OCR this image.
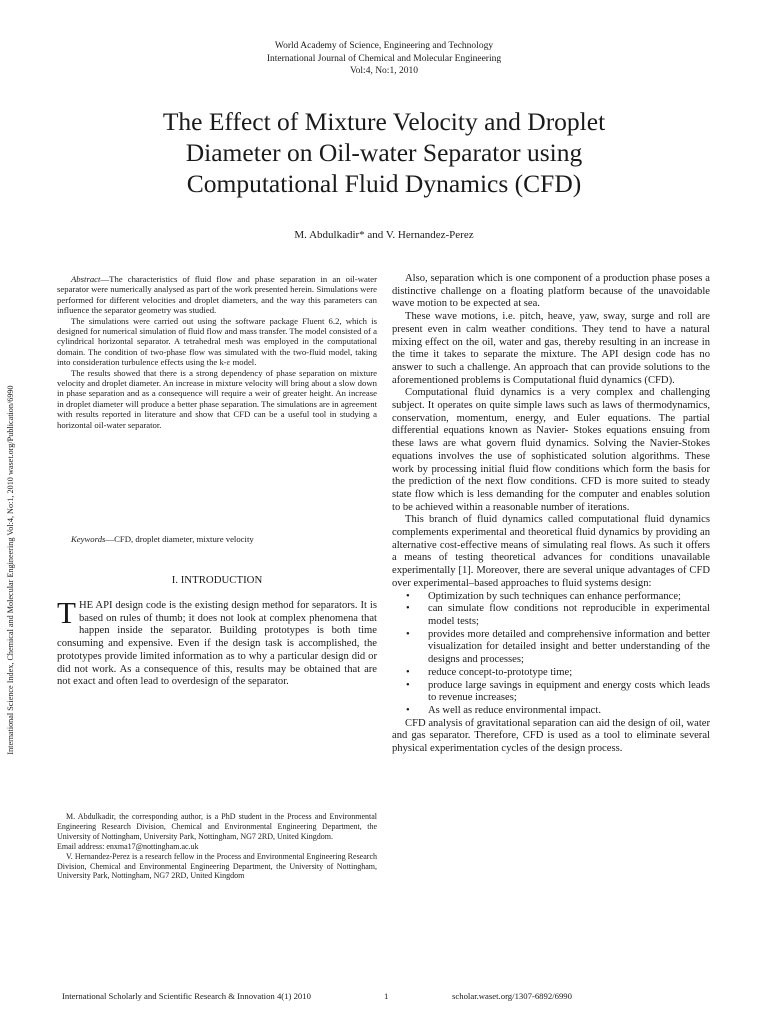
World Academy of Science, Engineering and Technology
International Journal of Chemical and Molecular Engineering
Vol:4, No:1, 2010
The Effect of Mixture Velocity and Droplet
Diameter on Oil-water Separator using
Computational Fluid Dynamics (CFD)
M. Abdulkadir* and V. Hernandez-Perez
International Science Index, Chemical and Molecular Engineering Vol:4, No:1, 2010 waset.org/Publication/6990

Abstract—The characteristics of fluid flow and phase separation in an oil-water separator were numerically analysed as part of the work presented herein. Simulations were performed for different velocities and droplet diameters, and the way this parameters can influence the separator geometry was studied.

The simulations were carried out using the software package Fluent 6.2, which is designed for numerical simulation of fluid flow and mass transfer. The model consisted of a cylindrical horizontal separator. A tetrahedral mesh was employed in the computational domain. The condition of two-phase flow was simulated with the two-fluid model, taking into consideration turbulence effects using the k-ε model.

The results showed that there is a strong dependency of phase separation on mixture velocity and droplet diameter. An increase in mixture velocity will bring about a slow down in phase separation and as a consequence will require a weir of greater height. An increase in droplet diameter will produce a better phase separation. The simulations are in agreement with results reported in literature and show that CFD can be a useful tool in studying a horizontal oil-water separator.

Keywords—CFD, droplet diameter, mixture velocity

I. INTRODUCTION
THE API design code is the existing design method for separators. It is based on rules of thumb; it does not look at complex phenomena that happen inside the separator. Building prototypes is both time consuming and expensive. Even if the design task is accomplished, the prototypes provide limited information as to why a particular design did or did not work. As a consequence of this, results may be obtained that are not exact and often lead to overdesign of the separator.

M. Abdulkadir, the corresponding author, is a PhD student in the Process and Environmental Engineering Research Division, Chemical and Environmental Engineering Department, the University of Nottingham, University Park, Nottingham, NG7 2RD, United Kingdom.

Email address: enxma17@nottingham.ac.uk

V. Hernandez-Perez is a research fellow in the Process and Environmental Engineering Research Division, Chemical and Environmental Engineering Department, the University of Nottingham, University Park, Nottingham, NG7 2RD, United Kingdom

Also, separation which is one component of a production phase poses a distinctive challenge on a floating platform because of the unavoidable wave motion to be expected at sea.

These wave motions, i.e. pitch, heave, yaw, sway, surge and roll are present even in calm weather conditions. They tend to have a natural mixing effect on the oil, water and gas, thereby resulting in an increase in the time it takes to separate the mixture. The API design code has no answer to such a challenge. An approach that can provide solutions to the aforementioned problems is Computational fluid dynamics (CFD).

Computational fluid dynamics is a very complex and challenging subject. It operates on quite simple laws such as laws of thermodynamics, conservation, momentum, energy, and Euler equations. The partial differential equations known as Navier- Stokes equations ensuing from these laws are what govern fluid dynamics. Solving the Navier-Stokes equations involves the use of sophisticated solution algorithms. These work by processing initial fluid flow conditions which form the basis for the prediction of the next flow conditions. CFD is more suited to steady state flow which is less demanding for the computer and enables solution to be achieved within a reasonable number of iterations.

This branch of fluid dynamics called computational fluid dynamics complements experimental and theoretical fluid dynamics by providing an alternative cost-effective means of simulating real flows. As such it offers a means of testing theoretical advances for conditions unavailable experimentally [1]. Moreover, there are several unique advantages of CFD over experimental–based approaches to fluid systems design:

• Optimization by such techniques can enhance performance;
• can simulate flow conditions not reproducible in experimental model tests;
• provides more detailed and comprehensive information and better visualization for detailed insight and better understanding of the designs and processes;
• reduce concept-to-prototype time;
• produce large savings in equipment and energy costs which leads to revenue increases;
• As well as reduce environmental impact.

CFD analysis of gravitational separation can aid the design of oil, water and gas separator. Therefore, CFD is used as a tool to eliminate several physical experimentation cycles of the design process.

International Scholarly and Scientific Research & Innovation 4(1) 2010	1	scholar.waset.org/1307-6892/6990
